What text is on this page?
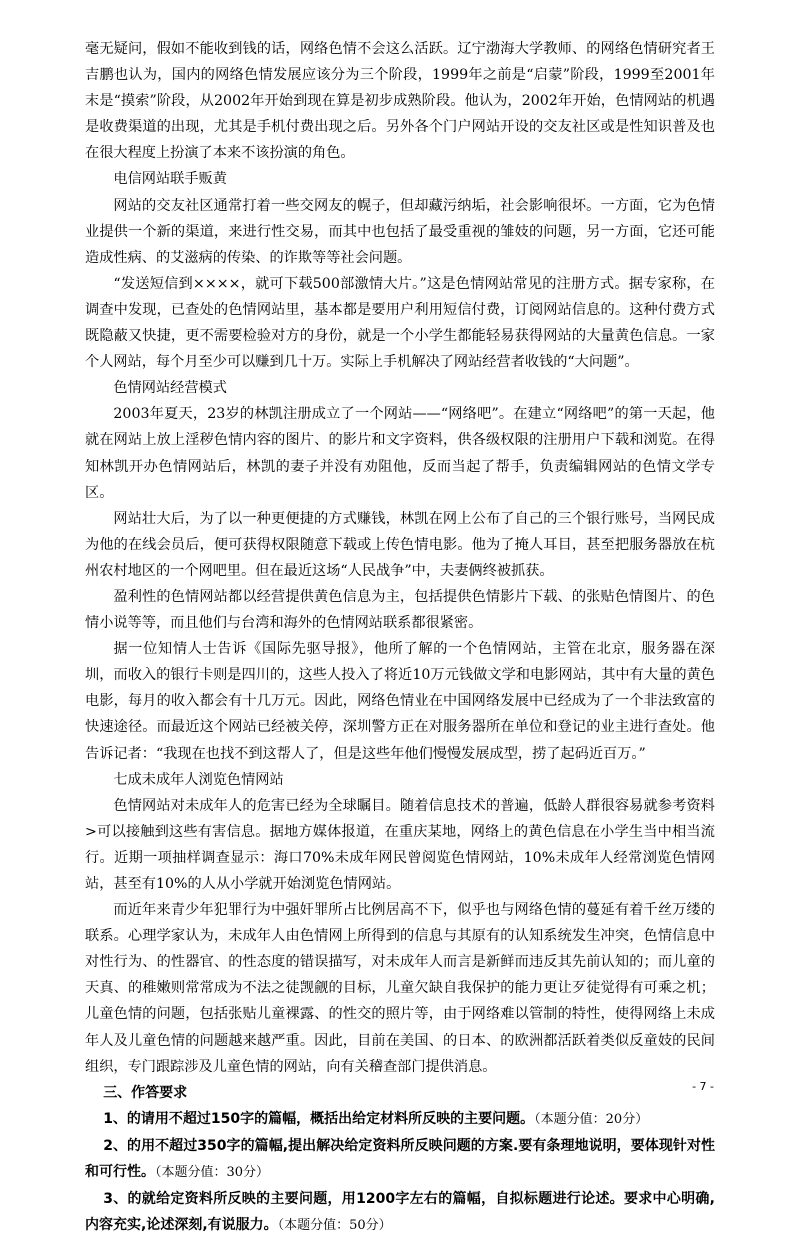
毫无疑问，假如不能收到钱的话，网络色情不会这么活跃。辽宁渤海大学教师、的网络色情研究者王吉鹏也认为，国内的网络色情发展应该分为三个阶段，1999年之前是“启蒙”阶段，1999至2001年末是“摸索”阶段，从2002年开始到现在算是初步成熟阶段。他认为，2002年开始，色情网站的机遇是收费渠道的出现，尤其是手机付费出现之后。另外各个门户网站开设的交友社区或是性知识普及也在很大程度上扮演了本来不该扮演的角色。

电信网站联手贩黄

网站的交友社区通常打着一些交网友的幌子，但却藏污纳垢，社会影响很坏。一方面，它为色情业提供一个新的渠道，来进行性交易，而其中也包括了最受重视的雏妓的问题，另一方面，它还可能造成性病、的艾滋病的传染、的诈欺等等社会问题。

“发送短信到××××，就可下载500部激情大片。”这是色情网站常见的注册方式。据专家称，在调查中发现，已查处的色情网站里，基本都是要用户利用短信付费，订阅网站信息的。这种付费方式既隐蔽又快捷，更不需要检验对方的身份，就是一个小学生都能轻易获得网站的大量黄色信息。一家个人网站，每个月至少可以赚到几十万。实际上手机解决了网站经营者收钱的“大问题”。

色情网站经营模式

2003年夏天，23岁的林凯注册成立了一个网站——“网络吧”。在建立“网络吧”的第一天起，他就在网站上放上淫秽色情内容的图片、的影片和文字资料，供各级权限的注册用户下载和浏览。在得知林凯开办色情网站后，林凯的妻子并没有劝阻他，反而当起了帮手，负责编辑网站的色情文学专区。

网站壮大后，为了以一种更便捷的方式赚钱，林凯在网上公布了自己的三个银行账号，当网民成为他的在线会员后，便可获得权限随意下载或上传色情电影。他为了掩人耳目，甚至把服务器放在杭州农村地区的一个网吧里。但在最近这场“人民战争”中，夫妻俩终被抓获。

盈利性的色情网站都以经营提供黄色信息为主，包括提供色情影片下载、的张贴色情图片、的色情小说等等，而且他们与台湾和海外的色情网站联系都很紧密。

据一位知情人士告诉《国际先驱导报》，他所了解的一个色情网站，主管在北京，服务器在深圳，而收入的银行卡则是四川的，这些人投入了将近10万元钱做文学和电影网站，其中有大量的黄色电影，每月的收入都会有十几万元。因此，网络色情业在中国网络发展中已经成为了一个非法致富的快速途径。而最近这个网站已经被关停，深圳警方正在对服务器所在单位和登记的业主进行查处。他告诉记者：“我现在也找不到这帮人了，但是这些年他们慢慢发展成型，捞了起码近百万。”

七成未成年人浏览色情网站

色情网站对未成年人的危害已经为全球瞩目。随着信息技术的普遍，低龄人群很容易就参考资料>可以接触到这些有害信息。据地方媒体报道，在重庆某地，网络上的黄色信息在小学生当中相当流行。近期一项抽样调查显示：海口70%未成年网民曾阅览色情网站，10%未成年人经常浏览色情网站，甚至有10%的人从小学就开始浏览色情网站。

而近年来青少年犯罪行为中强奸罪所占比例居高不下，似乎也与网络色情的蔓延有着千丝万缕的联系。心理学家认为，未成年人由色情网上所得到的信息与其原有的认知系统发生冲突，色情信息中对性行为、的性器官、的性态度的错误描写，对未成年人而言是新鲜而违反其先前认知的；而儿童的天真、的稚嫩则常常成为不法之徒觊觎的目标，儿童欠缺自我保护的能力更让歹徒觉得有可乘之机；儿童色情的问题，包括张贴儿童裸露、的性交的照片等，由于网络难以管制的特性，使得网络上未成年人及儿童色情的问题越来越严重。因此，目前在美国、的日本、的欧洲都活跃着类似反童妓的民间组织，专门跟踪涉及儿童色情的网站，向有关稽查部门提供消息。

三、作答要求

1、的请用不超过150字的篇幅，概括出给定材料所反映的主要问题。（本题分值：20分）

2、的用不超过350字的篇幅,提出解决给定资料所反映问题的方案.要有条理地说明，要体现针对性和可行性。（本题分值：30分）

3、的就给定资料所反映的主要问题，用1200字左右的篇幅，自拟标题进行论述。要求中心明确,内容充实,论述深刻,有说服力。（本题分值：50分）

- 7 -
